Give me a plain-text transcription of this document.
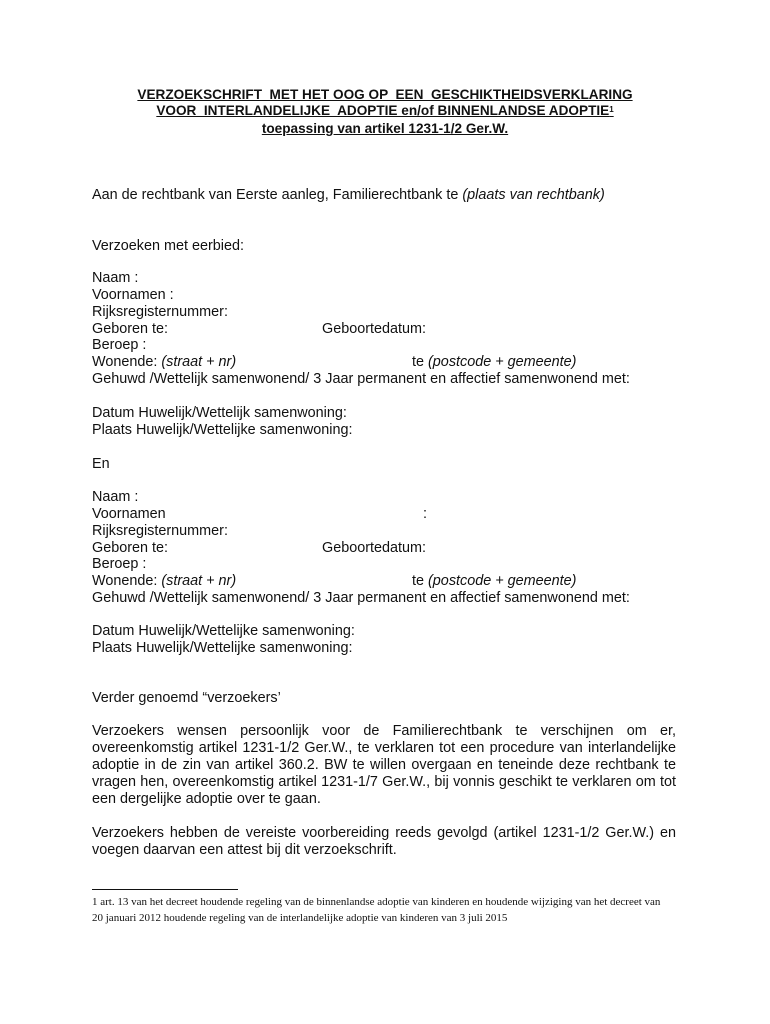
VERZOEKSCHRIFT  MET HET OOG OP  EEN  GESCHIKTHEIDSVERKLARING
VOOR  INTERLANDELIJKE  ADOPTIE en/of BINNENLANDSE ADOPTIE$^1$
toepassing van artikel 1231-1/2 Ger.W.
Aan de rechtbank van Eerste aanleg, Familierechtbank te (plaats van rechtbank)
Verzoeken met eerbied:
Naam :
Voornamen :
Rijksregisternummer:
Geboren te:	Geboortedatum:
Beroep :
Wonende: (straat + nr)	te (postcode + gemeente)
Gehuwd /Wettelijk samenwonend/ 3 Jaar permanent en affectief samenwonend met:
Datum Huwelijk/Wettelijk samenwoning:
Plaats Huwelijk/Wettelijke samenwoning:
En
Naam :
Voornamen	:
Rijksregisternummer:
Geboren te:	Geboortedatum:
Beroep :
Wonende: (straat + nr)	te (postcode + gemeente)
Gehuwd /Wettelijk samenwonend/ 3 Jaar permanent en affectief samenwonend met:
Datum Huwelijk/Wettelijke samenwoning:
Plaats Huwelijk/Wettelijke samenwoning:
Verder genoemd “verzoekers’
Verzoekers wensen persoonlijk voor de Familierechtbank te verschijnen om er, overeenkomstig artikel 1231-1/2 Ger.W., te verklaren tot een procedure van interlandelijke adoptie in de zin van artikel 360.2. BW te willen overgaan en teneinde deze rechtbank te vragen hen, overeenkomstig artikel 1231-1/7 Ger.W., bij vonnis geschikt te verklaren om tot een dergelijke adoptie over te gaan.
Verzoekers hebben de vereiste voorbereiding reeds gevolgd (artikel 1231-1/2 Ger.W.) en voegen daarvan een attest bij dit verzoekschrift.
1 art. 13 van het decreet houdende regeling van de binnenlandse adoptie van kinderen en houdende wijziging van het decreet van 20 januari 2012 houdende regeling van de interlandelijke adoptie van kinderen van 3 juli 2015
